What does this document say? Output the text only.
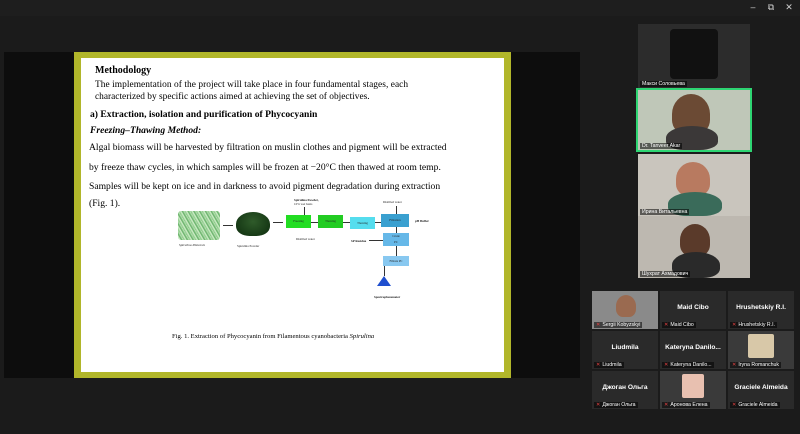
‒	⧉	✕
Methodology
The implementation of the project will take place in four fundamental stages, each
characterized by specific actions aimed at achieving the set of objectives.
a) Extraction, isolation and purification of Phycocyanin
Freezing–Thawing Method:
Algal biomass will be harvested by filtration on muslin clothes and pigment will be extracted
by freeze thaw cycles, in which samples will be frozen at −20°C then thawed at room temp.
Samples will be kept on ice and in darkness to avoid pigment degradation during extraction
(Fig. 1).
Spirulina Platensis	Spirulina Powder
Spirulina Powder,
10% wet basis
Freezing	Thawing
Distilled water
Thawing
Distilled water
Filtration	pH Buffer
Crude
PC
SP Residue
Filtrate PC
Spectrophotometer
Fig. 1. Extraction of Phycocyanin from Filamentous cyanobacteria Spirulina
Макси Соловьева
Dr. Tanveer Akar
Ирина Витальевна
Шухрат Ахмадович
✕ Sergii Kobyzskyi
Maid Cibo
✕ Maid Cibo
Hrushetskiy R.I.
✕ Hrushetskiy R.I.
Liudmila
✕ Liudmila
Kateryna Danilo...
✕ Kateryna Danilo...	✕ Iryna Romanchuk
Джоган Ольга
✕ Джоган Ольга	✕ Аронова Елена
Graciele Almeida
✕ Graciele Almeida
